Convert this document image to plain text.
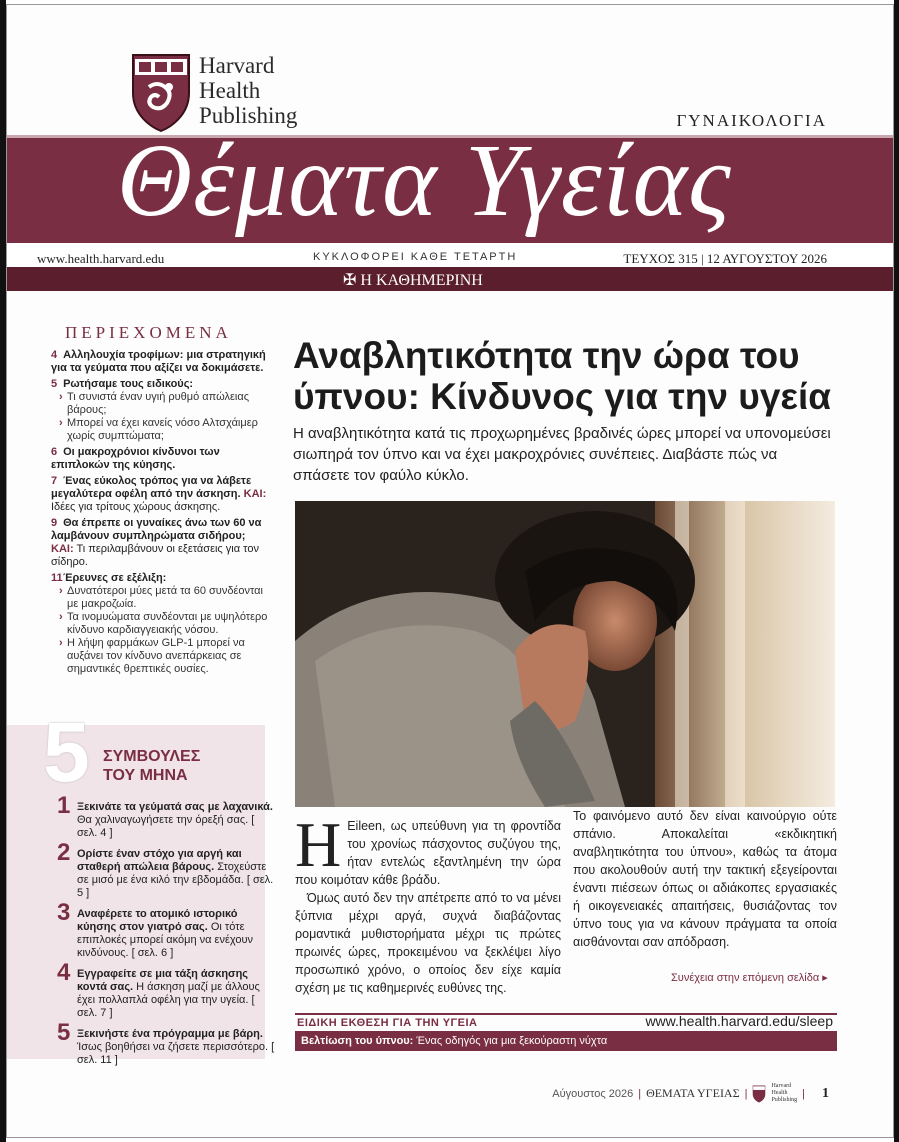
Harvard
Health
Publishing	ΓΥΝΑΙΚΟΛΟΓΙΑ
Θέματα Υγείας
www.health.harvard.edu	ΚΥΚΛΟΦΟΡΕΙ ΚΑΘΕ ΤΕΤΑΡΤΗ	ΤΕΥΧΟΣ 315 | 12 ΑΥΓΟΥΣΤΟΥ 2026
✠ Η ΚΑΘΗΜΕΡΙΝΗ
ΠΕΡΙΕΧΟΜΕΝΑ
4 Αλληλουχία τροφίμων: μια στρατηγική για τα γεύματα που αξίζει να δοκιμάσετε.
5 Ρωτήσαμε τους ειδικούς:
› Τι συνιστά έναν υγιή ρυθμό απώλειας βάρους;
› Μπορεί να έχει κανείς νόσο Αλτσχάιμερ χωρίς συμπτώματα;
6 Οι μακροχρόνιοι κίνδυνοι των επιπλοκών της κύησης.
7 Ένας εύκολος τρόπος για να λάβετε μεγαλύτερα οφέλη από την άσκηση. ΚΑΙ: Ιδέες για τρίτους χώρους άσκησης.
9 Θα έπρεπε οι γυναίκες άνω των 60 να λαμβάνουν συμπληρώματα σιδήρου; ΚΑΙ: Τι περιλαμβάνουν οι εξετάσεις για τον σίδηρο.
11 Έρευνες σε εξέλιξη:
› Δυνατότεροι μύες μετά τα 60 συνδέονται με μακροζωία.
› Τα ινομυώματα συνδέονται με υψηλότερο κίνδυνο καρδιαγγειακής νόσου.
› Η λήψη φαρμάκων GLP-1 μπορεί να αυξάνει τον κίνδυνο ανεπάρκειας σε σημαντικές θρεπτικές ουσίες.
5 ΣΥΜΒΟΥΛΕΣ
ΤΟΥ ΜΗΝΑ
1 Ξεκινάτε τα γεύματά σας με λαχανικά. Θα χαλιναγωγήσετε την όρεξή σας. [ σελ. 4 ]
2 Ορίστε έναν στόχο για αργή και σταθερή απώλεια βάρους. Στοχεύστε σε μισό με ένα κιλό την εβδομάδα. [ σελ. 5 ]
3 Αναφέρετε το ατομικό ιστορικό κύησης στον γιατρό σας. Οι τότε επιπλοκές μπορεί ακόμη να ενέχουν κινδύνους. [ σελ. 6 ]
4 Εγγραφείτε σε μια τάξη άσκησης κοντά σας. Η άσκηση μαζί με άλλους έχει πολλαπλά οφέλη για την υγεία. [ σελ. 7 ]
5 Ξεκινήστε ένα πρόγραμμα με βάρη. Ίσως βοηθήσει να ζήσετε περισσότερο. [ σελ. 11 ]
Αναβλητικότητα την ώρα του ύπνου: Κίνδυνος για την υγεία

Η αναβλητικότητα κατά τις προχωρημένες βραδινές ώρες μπορεί να υπονομεύσει σιωπηρά τον ύπνο και να έχει μακροχρόνιες συνέπειες. Διαβάστε πώς να σπάσετε τον φαύλο κύκλο.

Η Eileen, ως υπεύθυνη για τη φροντίδα του χρονίως πάσχοντος συζύγου της, ήταν εντελώς εξαντλημένη την ώρα που κοιμόταν κάθε βράδυ.

Όμως αυτό δεν την απέτρεπε από το να μένει ξύπνια μέχρι αργά, συχνά διαβάζοντας ρομαντικά μυθιστορήματα μέχρι τις πρώτες πρωινές ώρες, προκειμένου να ξεκλέψει λίγο προσωπικό χρόνο, ο οποίος δεν είχε καμία σχέση με τις καθημερινές ευθύνες της.

Το φαινόμενο αυτό δεν είναι καινούργιο ούτε σπάνιο. Αποκαλείται «εκδικητική αναβλητικότητα του ύπνου», καθώς τα άτομα που ακολουθούν αυτή την τακτική εξεγείρονται έναντι πιέσεων όπως οι αδιάκοπες εργασιακές ή οικογενειακές απαιτήσεις, θυσιάζοντας τον ύπνο τους για να κάνουν πράγματα τα οποία αισθάνονται σαν απόδραση.

Συνέχεια στην επόμενη σελίδα ▸
ΕΙΔΙΚΗ ΕΚΘΕΣΗ ΓΙΑ ΤΗΝ ΥΓΕΙΑ	www.health.harvard.edu/sleep
Βελτίωση του ύπνου: Ένας οδηγός για μια ξεκούραστη νύχτα
Αύγουστος 2026 | ΘΕΜΑΤΑ ΥΓΕΙΑΣ |
Harvard
Health
Publishing
| 1
